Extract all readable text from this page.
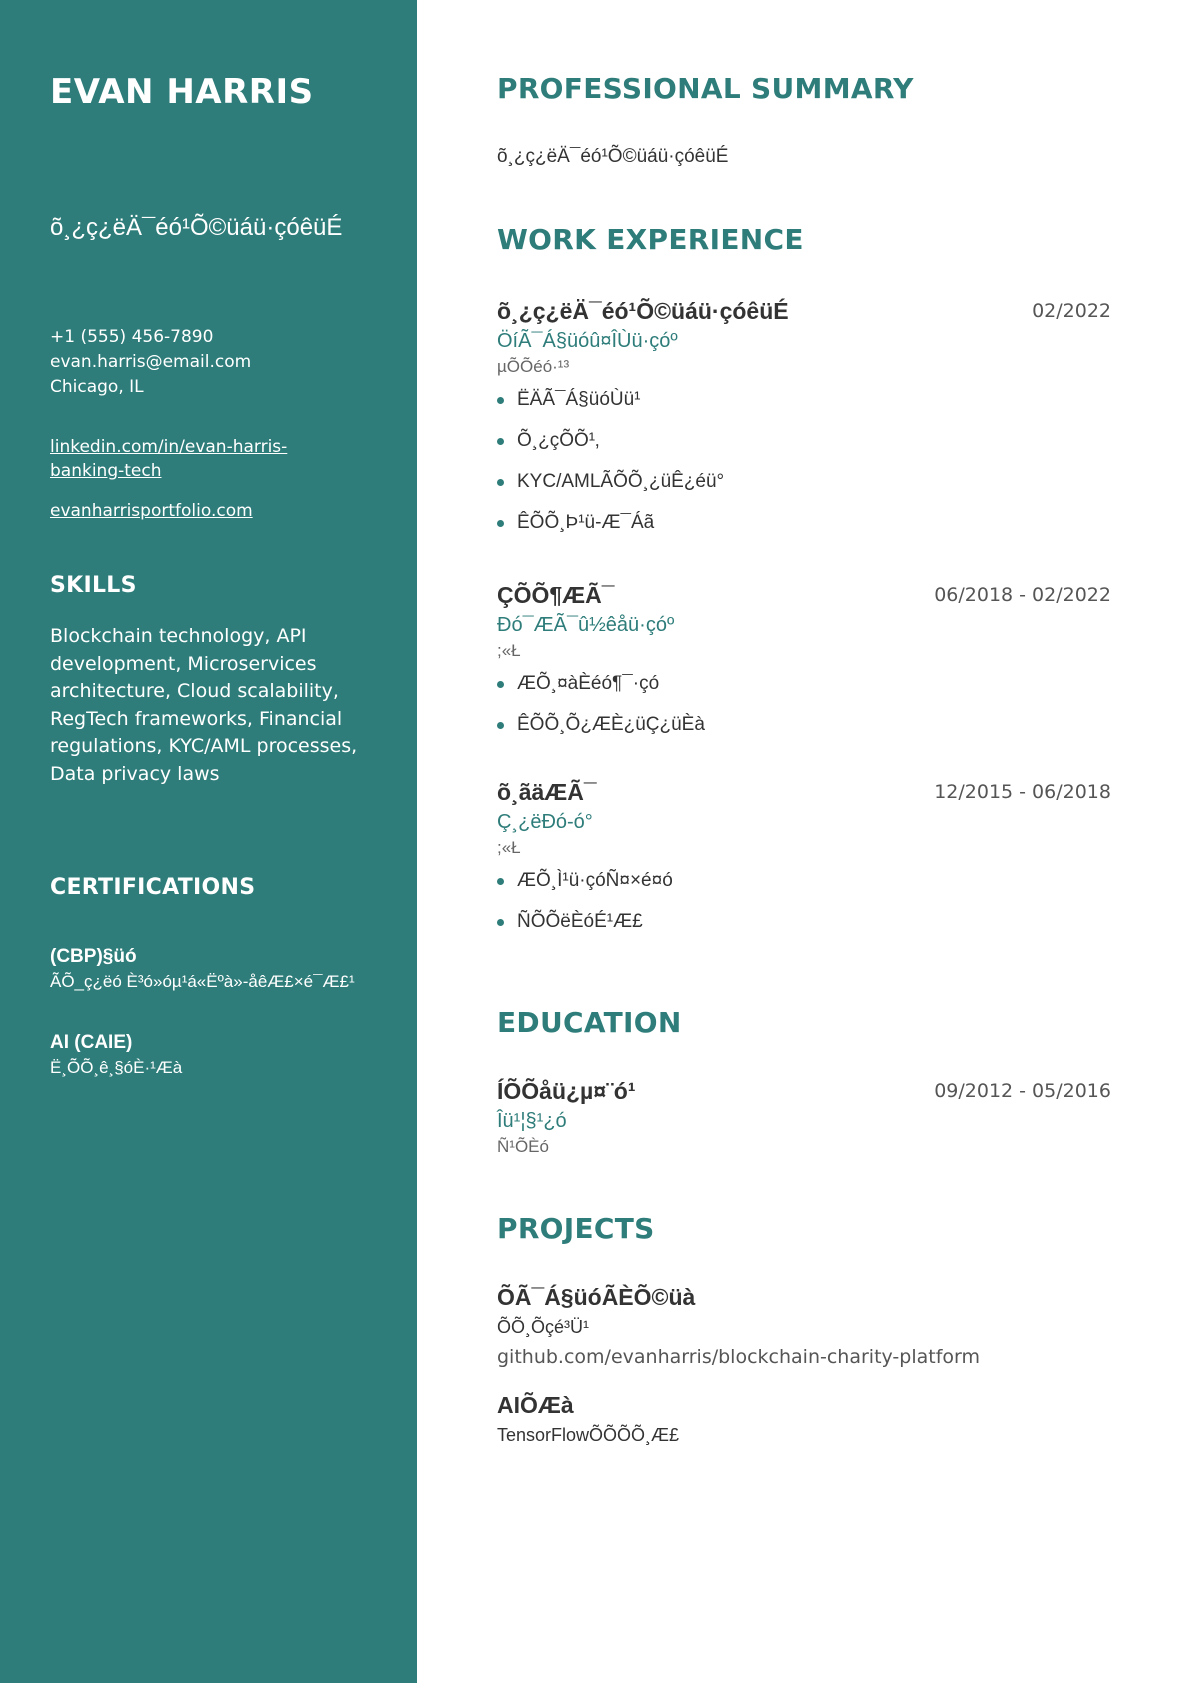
EVAN HARRIS
õ¸¿ç¿ëÄ¯éó¹Õ©üáü·çóêüÉ
+1 (555) 456-7890
evan.harris@email.com
Chicago, IL
linkedin.com/in/evan-harris-banking-tech
evanharrisportfolio.com
SKILLS
Blockchain technology, API development, Microservices architecture, Cloud scalability, RegTech frameworks, Financial regulations, KYC/AML processes, Data privacy laws
CERTIFICATIONS
(CBP)§üó
ÃÕ_ç¿ëó È³ó»óµ¹á«Ëºà»-åêÆ£×é¯Æ£¹
AI (CAIE)
Ë¸ÕÕ¸ê¸§óÈ·¹Æà
PROFESSIONAL SUMMARY
õ¸¿ç¿ëÄ¯éó¹Õ©üáü·çóêüÉ
WORK EXPERIENCE
õ¸¿ç¿ëÄ¯éó¹Õ©üáü·çóêüÉ	02/2022
ÖíÃ¯Á§üóû¤ÎÙü·çóº
µÕÕéó·¹³
ËÄÃ¯Á§üóÙü¹
Õ¸¿çÕÕ¹‚
KYC/AMLÃÕÕ¸¿üÊ¿éü°
ÊÕÕ¸Þ¹ü-Æ¯Áã
ÇÕÕ¶ÆÃ¯	06/2018 - 02/2022
Ðó¯ÆÃ¯û½êåü·çóº
;«Ł
ÆÕ¸¤àÈéó¶¯·çó
ÊÕÕ¸Õ¿ÆÈ¿üÇ¿üÈà
õ¸ãäÆÃ¯	12/2015 - 06/2018
Ç¸¿ëÐó-ó°
;«Ł
ÆÕ¸Ì¹ü·çóÑ¤×é¤ó
ÑÕÕëÈóÉ¹Æ£
EDUCATION
ÍÕÕåü¿µ¤¨ó¹	09/2012 - 05/2016
Îü¹¦§¹¿ó
Ñ¹ÕÈó
PROJECTS
ÕÃ¯Á§üóÃÈÕ©üà
ÕÕ¸Õçé³Ü¹
github.com/evanharris/blockchain-charity-platform
AIÕÆà
TensorFlowÕÕÕÕ¸Æ£
